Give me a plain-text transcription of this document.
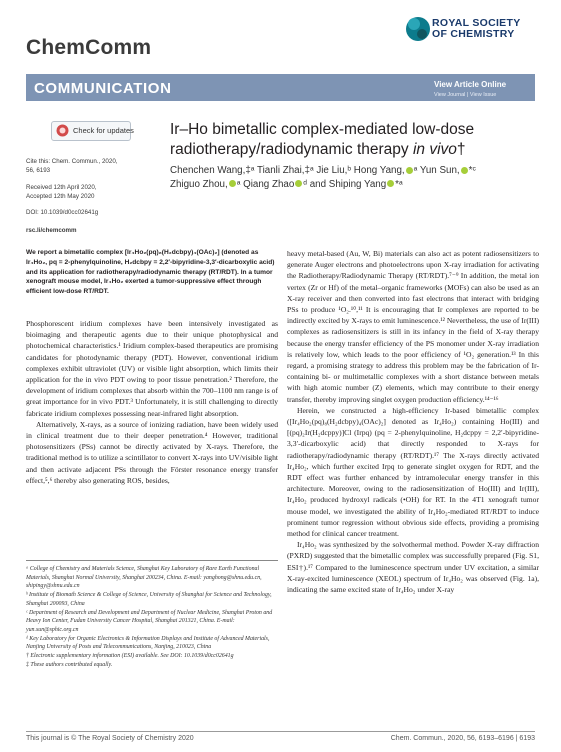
ChemComm
ROYAL SOCIETY
OF CHEMISTRY
COMMUNICATION	View Article Online
View Journal | View Issue
Check for updates
Cite this: Chem. Commun., 2020,
56, 6193
Received 12th April 2020,
Accepted 12th May 2020
DOI: 10.1039/d0cc02641g
rsc.li/chemcomm
Ir–Ho bimetallic complex-mediated low-dose
radiotherapy/radiodynamic therapy in vivo†
Chenchen Wang,‡ᵃ Tianli Zhai,‡ᵃ Jie Liu,ᵇ Hong Yang, ᵃ Yun Sun, *ᶜ
Zhiguo Zhou, ᵃ Qiang Zhao ᵈ and Shiping Yang *ᵃ
We report a bimetallic complex [Ir₄Ho₂(pq)₈(H₂dcbpy)₄(OAc)₂] (denoted as Ir₄Ho₂, pq = 2-phenylquinoline, H₂dcbpy = 2,2′-bipyridine-3,3′-dicarboxylic acid) and its application for radiotherapy/radiodynamic therapy (RT/RDT). In a tumor xenograft mouse model, Ir₄Ho₂ exerted a tumor-suppressive effect through efficient low-dose RT/RDT.

Phosphorescent iridium complexes have been intensively investigated as bioimaging and therapeutic agents due to their unique photophysical and photochemical characteristics.¹ Iridium complex-based therapeutics are promising candidates for photodynamic therapy (PDT). However, conventional iridium complexes exhibit ultraviolet (UV) or visible light absorption, which limits their application for the in vivo PDT owing to poor tissue penetration.² Therefore, the development of iridium complexes that absorb within the 700–1100 nm range is of great importance for in vivo PDT.³ Unfortunately, it is still challenging to directly fabricate iridium complexes possessing near-infrared light absorption.

Alternatively, X-rays, as a source of ionizing radiation, have been widely used in clinical treatment due to their deeper penetration.⁴ However, traditional photosensitizers (PSs) cannot be directly activated by X-rays. Therefore, the traditional method is to utilize a scintillator to convert X-rays into UV/visible light and then activate adjacent PSs through the Förster resonance energy transfer effect,⁵,⁶ thereby also generating ROS, besides,

heavy metal-based (Au, W, Bi) materials can also act as potent radiosensitizers to generate Auger electrons and photoelectrons upon X-ray irradiation for activating the Radiotherapy/Radiodynamic Therapy (RT/RDT).⁷⁻⁹ In addition, the metal ion vertex (Zr or Hf) of the metal–organic frameworks (MOFs) can also be used as an X-ray receiver and then converted into fast electrons that interact with bridging PSs to produce ¹O₂.¹⁰,¹¹ It is encouraging that Ir complexes are reported to be indirectly excited by X-rays to emit luminescence.¹² Nevertheless, the use of Ir(III) complexes as radiosensitizers is still in its infancy in the field of X-ray therapy because the energy transfer efficiency of the PS monomer under X-ray irradiation is relatively low, which leads to the poor efficiency of ¹O₂ generation.¹³ In this regard, a promising strategy to address this problem may be the fabrication of Ir-containing bi- or multimetallic complexes with a short distance between metals with high atomic number (Z) elements, which may contribute to their energy transfer, thereby improving singlet oxygen production efficiency.¹⁴⁻¹⁶

Herein, we constructed a high-efficiency Ir-based bimetallic complex ([Ir₄Ho₂(pq)₈(H₂dcbpy)₄(OAc)₂] denoted as Ir₄Ho₂) containing Ho(III) and [(pq)₂Ir(H₂dcppy)]Cl (Irpq) (pq = 2-phenylquinoline, H₂dcppy = 2,2′-bipyridine-3,3′-dicarboxylic acid) that directly responded to X-rays for radiotherapy/radiodynamic therapy (RT/RDT).¹⁷ The X-rays directly activated Ir₄Ho₂, which further excited Irpq to generate singlet oxygen for RDT, and the RDT effect was further enhanced by intramolecular energy transfer in this architecture. Moreover, owing to the radiosensitization of Ho(III) and Ir(III), Ir₄Ho₂ produced hydroxyl radicals (•OH) for RT. In the 4T1 xenograft tumor mouse model, we investigated the ability of Ir₄Ho₂-mediated RT/RDT to induce prominent tumor regression without obvious side effects, providing a promising method for clinical cancer treatment.

Ir₄Ho₂ was synthesized by the solvothermal method. Powder X-ray diffraction (PXRD) suggested that the bimetallic complex was successfully prepared (Fig. S1, ESI†).¹⁷ Compared to the luminescence spectrum under UV excitation, a similar X-ray-excited luminescence (XEOL) spectrum of Ir₄Ho₂ was observed (Fig. 1a), indicating the same excited state of Ir₄Ho₂ under X-ray

ᵃ College of Chemistry and Materials Science, Shanghai Key Laboratory of Rare Earth Functional Materials, Shanghai Normal University, Shanghai 200234, China. E-mail: yanghong@shnu.edu.cn, shipingy@shnu.edu.cn
ᵇ Institute of Biomath Science & College of Science, University of Shanghai for Science and Technology, Shanghai 200093, China
ᶜ Department of Research and Development and Department of Nuclear Medicine, Shanghai Proton and Heavy Ion Center, Fudan University Cancer Hospital, Shanghai 201321, China. E-mail: yun.sun@sphic.org.cn
ᵈ Key Laboratory for Organic Electronics & Information Displays and Institute of Advanced Materials, Nanjing University of Posts and Telecommunications, Nanjing, 210023, China
† Electronic supplementary information (ESI) available. See DOI: 10.1039/d0cc02641g
‡ These authors contributed equally.
This journal is © The Royal Society of Chemistry 2020	Chem. Commun., 2020, 56, 6193–6196 | 6193
